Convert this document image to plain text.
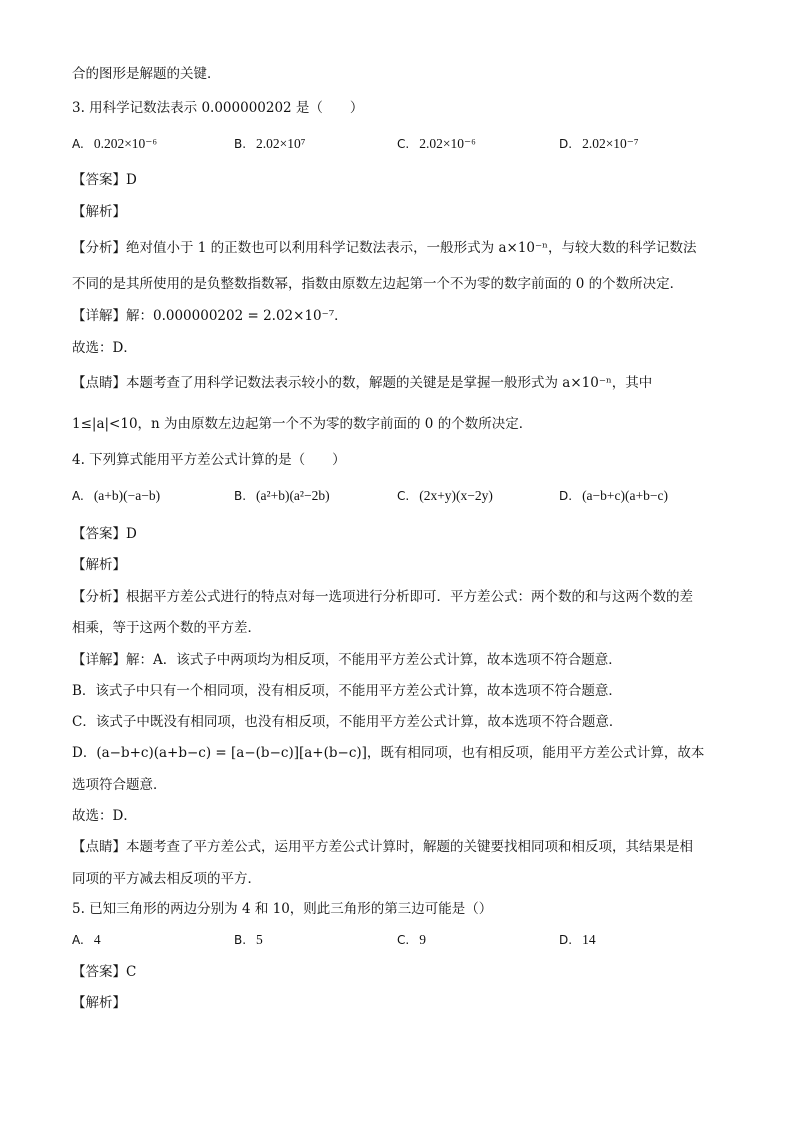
合的图形是解题的关键．
3. 用科学记数法表示 0.000000202 是（　　）
A. 0.202×10⁻⁶	B. 2.02×10⁷	C. 2.02×10⁻⁶	D. 2.02×10⁻⁷
【答案】D
【解析】
【分析】绝对值小于 1 的正数也可以利用科学记数法表示，一般形式为 a×10⁻ⁿ，与较大数的科学记数法
不同的是其所使用的是负整数指数幂，指数由原数左边起第一个不为零的数字前面的 0 的个数所决定．
【详解】解：0.000000202 = 2.02×10⁻⁷．
故选：D．
【点睛】本题考查了用科学记数法表示较小的数，解题的关键是是掌握一般形式为 a×10⁻ⁿ，其中
1≤|a|<10，n 为由原数左边起第一个不为零的数字前面的 0 的个数所决定．
4. 下列算式能用平方差公式计算的是（　　）
A. (a+b)(−a−b)	B. (a²+b)(a²−2b)	C. (2x+y)(x−2y)	D. (a−b+c)(a+b−c)
【答案】D
【解析】
【分析】根据平方差公式进行的特点对每一选项进行分析即可．平方差公式：两个数的和与这两个数的差
相乘，等于这两个数的平方差．
【详解】解：A．该式子中两项均为相反项，不能用平方差公式计算，故本选项不符合题意．
B．该式子中只有一个相同项，没有相反项，不能用平方差公式计算，故本选项不符合题意．
C．该式子中既没有相同项，也没有相反项，不能用平方差公式计算，故本选项不符合题意．
D．(a−b+c)(a+b−c) = [a−(b−c)][a+(b−c)]，既有相同项，也有相反项，能用平方差公式计算，故本
选项符合题意．
故选：D．
【点睛】本题考查了平方差公式，运用平方差公式计算时，解题的关键要找相同项和相反项，其结果是相
同项的平方减去相反项的平方．
5. 已知三角形的两边分别为 4 和 10，则此三角形的第三边可能是（）
A. 4	B. 5	C. 9	D. 14
【答案】C
【解析】
